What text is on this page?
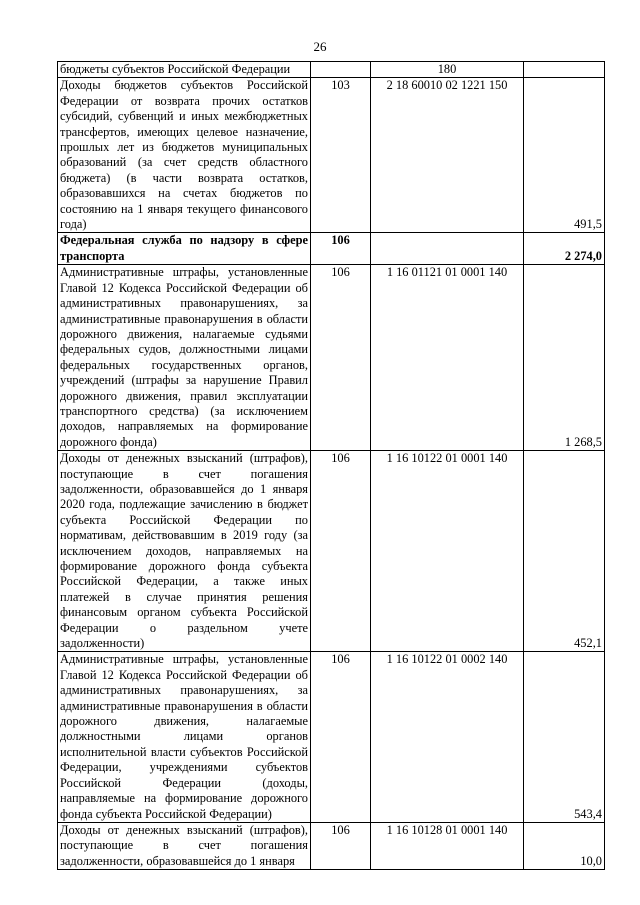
26
бюджеты субъектов Российской Федерации		180	
Доходы бюджетов субъектов Российской Федерации от возврата прочих остатков субсидий, субвенций и иных межбюджетных трансфертов, имеющих целевое назначение, прошлых лет из бюджетов муниципальных образований (за счет средств областного бюджета) (в части возврата остатков, образовавшихся на счетах бюджетов по состоянию на 1 января текущего финансового года)	103	2 18 60010 02 1221 150	491,5
Федеральная служба по надзору в сфере транспорта	106		2 274,0
Административные штрафы, установленные Главой 12 Кодекса Российской Федерации об административных правонарушениях, за административные правонарушения в области дорожного движения, налагаемые судьями федеральных судов, должностными лицами федеральных государственных органов, учреждений (штрафы за нарушение Правил дорожного движения, правил эксплуатации транспортного средства) (за исключением доходов, направляемых на формирование дорожного фонда)	106	1 16 01121 01 0001 140	1 268,5
Доходы от денежных взысканий (штрафов), поступающие в счет погашения задолженности, образовавшейся до 1 января 2020 года, подлежащие зачислению в бюджет субъекта Российской Федерации по нормативам, действовавшим в 2019 году (за исключением доходов, направляемых на формирование дорожного фонда субъекта Российской Федерации, а также иных платежей в случае принятия решения финансовым органом субъекта Российской Федерации о раздельном учете задолженности)	106	1 16 10122 01 0001 140	452,1
Административные штрафы, установленные Главой 12 Кодекса Российской Федерации об административных правонарушениях, за административные правонарушения в области дорожного движения, налагаемые должностными лицами органов исполнительной власти субъектов Российской Федерации, учреждениями субъектов Российской Федерации (доходы, направляемые на формирование дорожного фонда субъекта Российской Федерации)	106	1 16 10122 01 0002 140	543,4
Доходы от денежных взысканий (штрафов), поступающие в счет погашения задолженности, образовавшейся до 1 января	106	1 16 10128 01 0001 140	10,0
